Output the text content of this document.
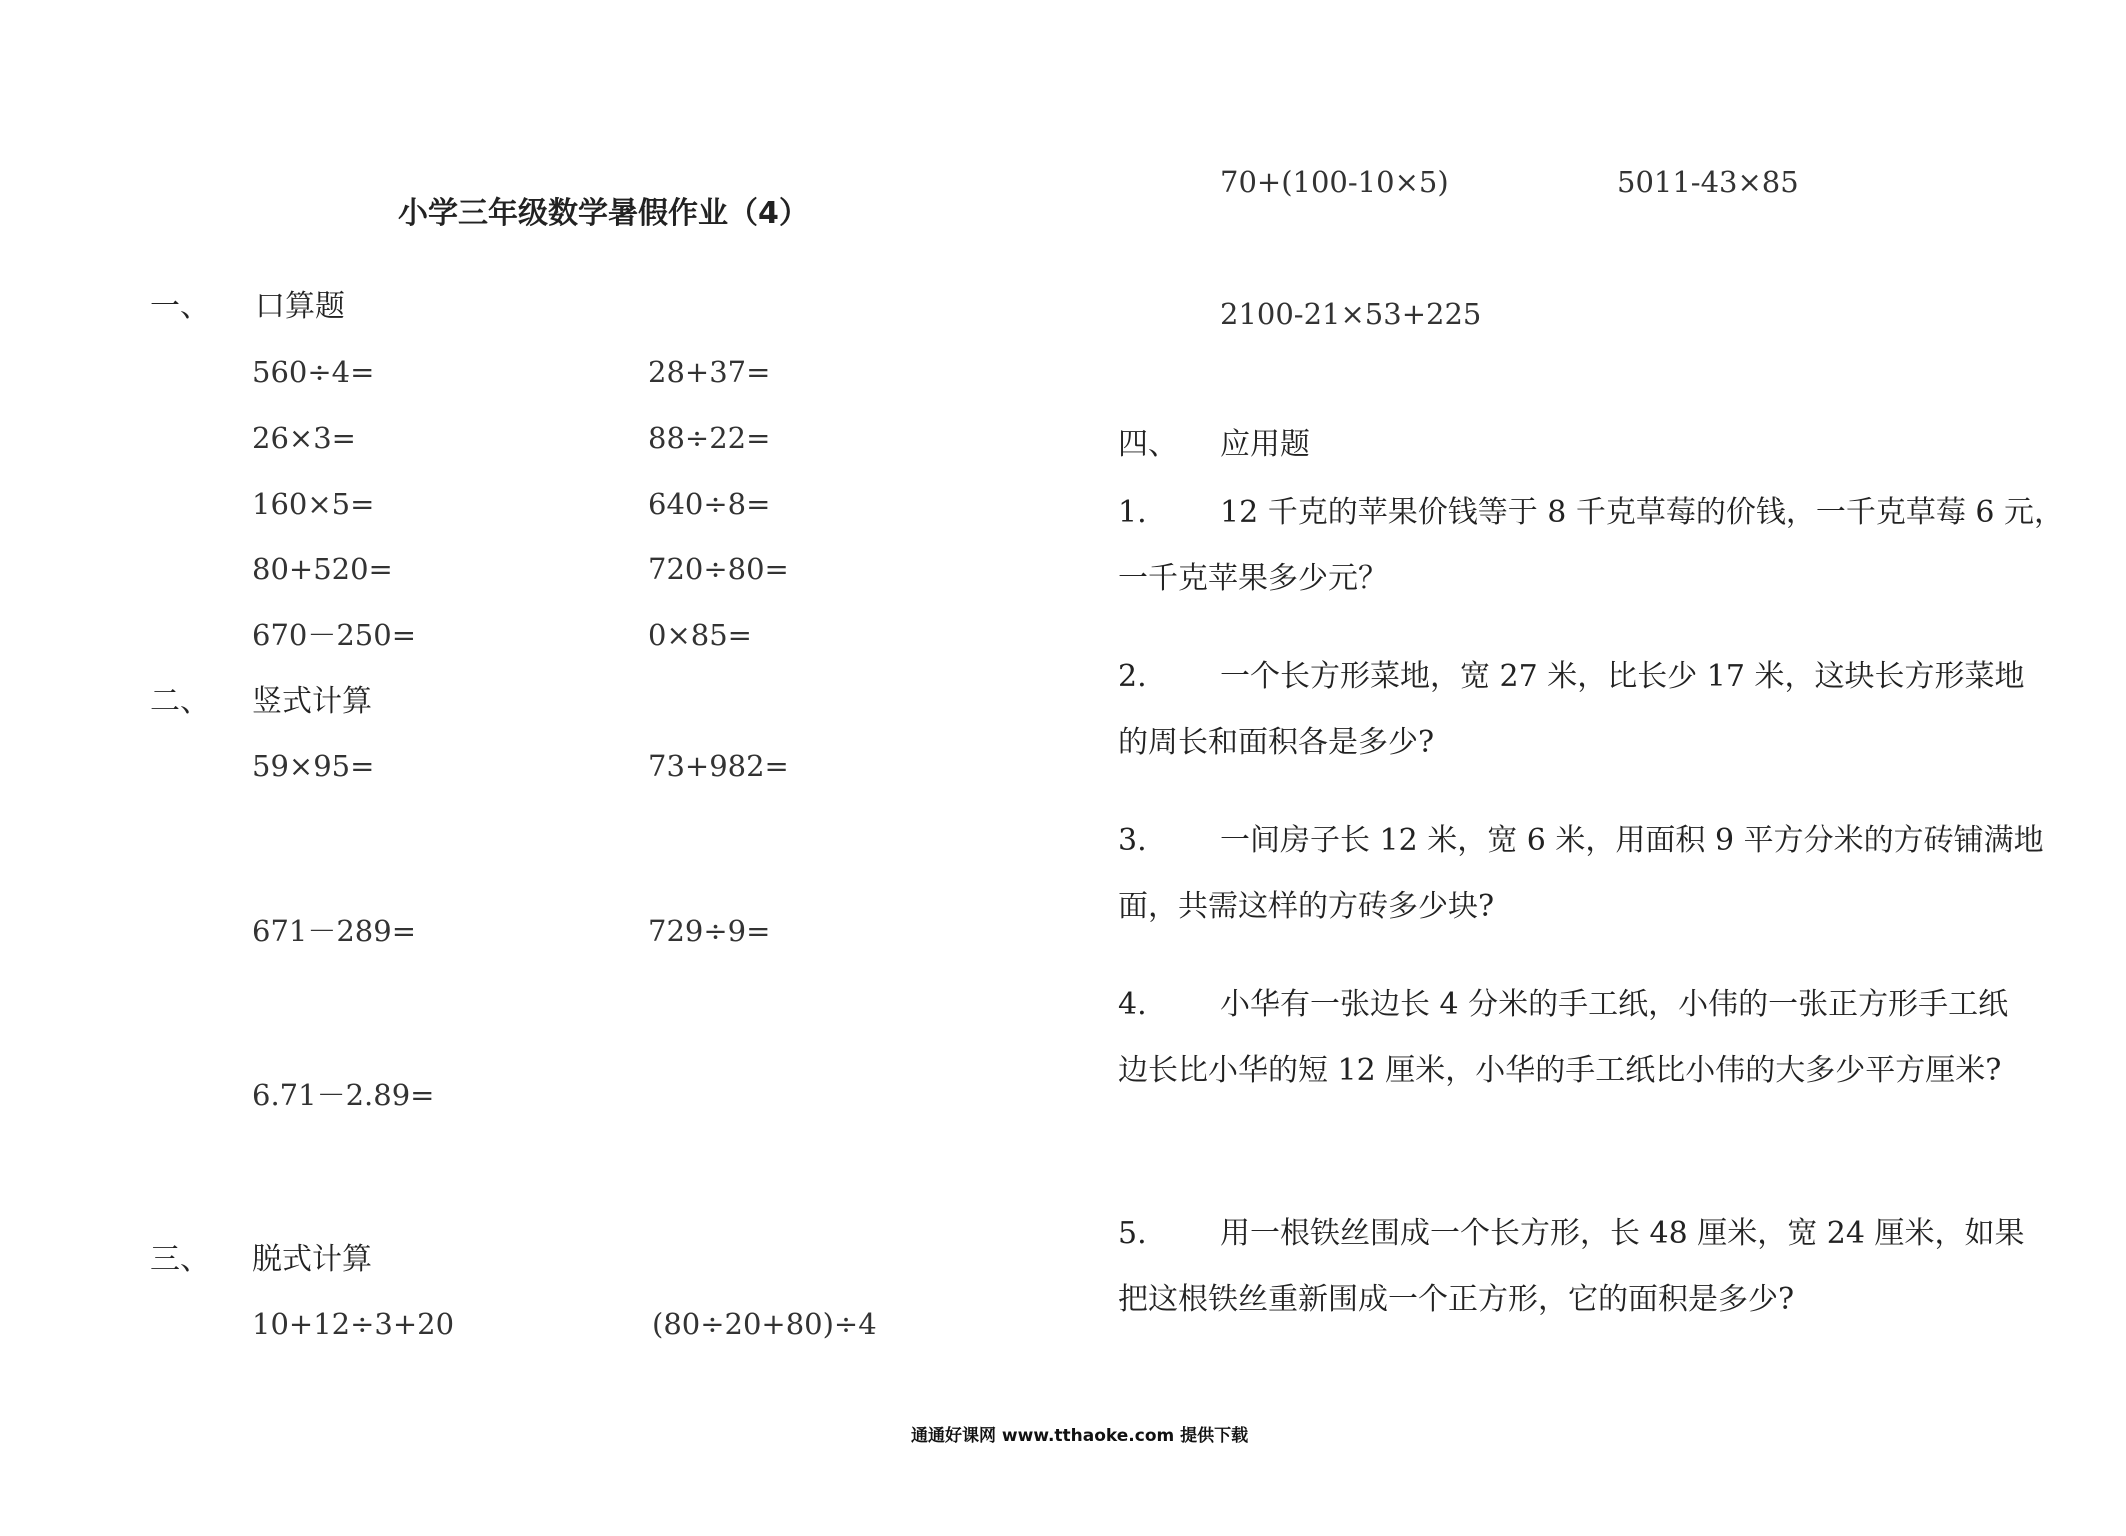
小学三年级数学暑假作业（4）
一、 口算题
560÷4=	28+37=
26×3=	88÷22=
160×5=	640÷8=
80+520=	720÷80=
670－250=	0×85=
二、 竖式计算
59×95=	73+982=
671－289=	729÷9=
6.71－2.89=
三、 脱式计算
10+12÷3+20	(80÷20+80)÷4
70+(100-10×5)	5011-43×85
2100-21×53+225
四、 应用题
1. 12 千克的苹果价钱等于 8 千克草莓的价钱，一千克草莓 6 元，
一千克苹果多少元？
2. 一个长方形菜地，宽 27 米，比长少 17 米，这块长方形菜地
的周长和面积各是多少?
3. 一间房子长 12 米，宽 6 米，用面积 9 平方分米的方砖铺满地
面，共需这样的方砖多少块?
4. 小华有一张边长 4 分米的手工纸，小伟的一张正方形手工纸
边长比小华的短 12 厘米，小华的手工纸比小伟的大多少平方厘米?
5. 用一根铁丝围成一个长方形，长 48 厘米，宽 24 厘米，如果
把这根铁丝重新围成一个正方形，它的面积是多少?
通通好课网 www.tthaoke.com 提供下载
